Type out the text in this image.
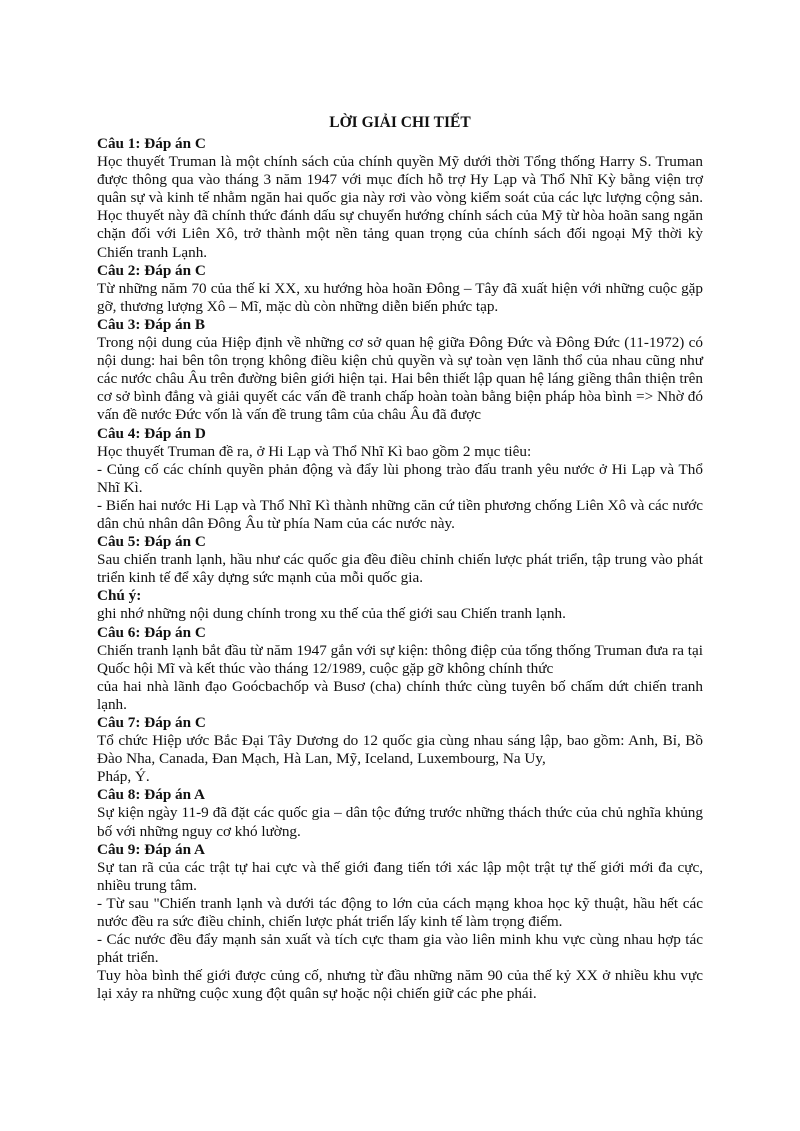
LỜI GIẢI CHI TIẾT

Câu 1: Đáp án C

Học thuyết Truman là một chính sách của chính quyền Mỹ dưới thời Tổng thống Harry S. Truman được thông qua vào tháng 3 năm 1947 với mục đích hỗ trợ Hy Lạp và Thổ Nhĩ Kỳ bằng viện trợ quân sự và kinh tế nhằm ngăn hai quốc gia này rơi vào vòng kiểm soát của các lực lượng cộng sản. Học thuyết này đã chính thức đánh dấu sự chuyển hướng chính sách của Mỹ từ hòa hoãn sang ngăn chặn đối với Liên Xô, trở thành một nền tảng quan trọng của chính sách đối ngoại Mỹ thời kỳ Chiến tranh Lạnh.

Câu 2: Đáp án C

Từ những năm 70 của thế kỉ XX, xu hướng hòa hoãn Đông – Tây đã xuất hiện với những cuộc gặp gỡ, thương lượng Xô – Mĩ, mặc dù còn những diễn biến phức tạp.

Câu 3: Đáp án B

Trong nội dung của Hiệp định về những cơ sở quan hệ giữa Đông Đức và Đông Đức (11-1972) có nội dung: hai bên tôn trọng không điều kiện chủ quyền và sự toàn vẹn lãnh thổ của nhau cũng như các nước châu Âu trên đường biên giới hiện tại. Hai bên thiết lập quan hệ láng giềng thân thiện trên cơ sở bình đẳng và giải quyết các vấn đề tranh chấp hoàn toàn bằng biện pháp hòa bình => Nhờ đó vấn đề nước Đức vốn là vấn đề trung tâm của châu Âu đã được

Câu 4: Đáp án D

Học thuyết Truman đề ra, ở Hi Lạp và Thổ Nhĩ Kì bao gồm 2 mục tiêu:

- Củng cố các chính quyền phản động và đẩy lùi phong trào đấu tranh yêu nước ở Hi Lạp và Thổ Nhĩ Kì.

- Biến hai nước Hi Lạp và Thổ Nhĩ Kì thành những căn cứ tiền phương chống Liên Xô và các nước dân chủ nhân dân Đông Âu từ phía Nam của các nước này.

Câu 5: Đáp án C

Sau chiến tranh lạnh, hầu như các quốc gia đều điều chỉnh chiến lược phát triển, tập trung vào phát triển kinh tế để xây dựng sức mạnh của mỗi quốc gia.

Chú ý:

ghi nhớ những nội dung chính trong xu thế của thế giới sau Chiến tranh lạnh.

Câu 6: Đáp án C

Chiến tranh lạnh bắt đầu từ năm 1947 gắn với sự kiện: thông điệp của tổng thống Truman đưa ra tại Quốc hội Mĩ và kết thúc vào tháng 12/1989, cuộc gặp gỡ không chính thức

của hai nhà lãnh đạo Goócbachốp và Busơ (cha) chính thức cùng tuyên bố chấm dứt chiến tranh lạnh.

Câu 7: Đáp án C

Tổ chức Hiệp ước Bắc Đại Tây Dương do 12 quốc gia cùng nhau sáng lập, bao gồm: Anh, Bỉ, Bồ Đào Nha, Canada, Đan Mạch, Hà Lan, Mỹ, Iceland, Luxembourg, Na Uy,

Pháp, Ý.

Câu 8: Đáp án A

Sự kiện ngày 11-9 đã đặt các quốc gia – dân tộc đứng trước những thách thức của chủ nghĩa khủng bố với những nguy cơ khó lường.

Câu 9: Đáp án A

Sự tan rã của các trật tự hai cực và thế giới đang tiến tới xác lập một trật tự thế giới mới đa cực, nhiều trung tâm.

- Từ sau "Chiến tranh lạnh và dưới tác động to lớn của cách mạng khoa học kỹ thuật, hầu hết các nước đều ra sức điều chỉnh, chiến lược phát triển lấy kinh tế làm trọng điểm.

- Các nước đều đẩy mạnh sản xuất và tích cực tham gia vào liên minh khu vực cùng nhau hợp tác phát triển.

Tuy hòa bình thế giới được củng cố, nhưng từ đầu những năm 90 của thế kỷ XX ở nhiều khu vực lại xảy ra những cuộc xung đột quân sự hoặc nội chiến giữ các phe phái.
